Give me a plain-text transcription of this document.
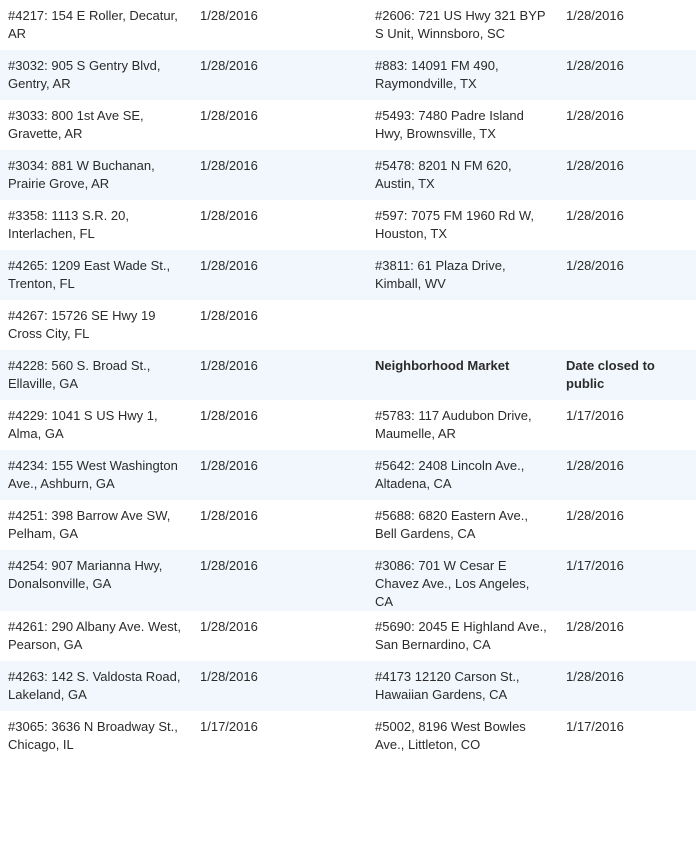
#4217: 154 E Roller, Decatur, AR	1/28/2016	#2606: 721 US Hwy 321 BYP S Unit, Winnsboro, SC	1/28/2016
#3032: 905 S Gentry Blvd, Gentry, AR	1/28/2016	#883: 14091 FM 490, Raymondville, TX	1/28/2016
#3033: 800 1st Ave SE, Gravette, AR	1/28/2016	#5493: 7480 Padre Island Hwy, Brownsville, TX	1/28/2016
#3034: 881 W Buchanan, Prairie Grove, AR	1/28/2016	#5478: 8201 N FM 620, Austin, TX	1/28/2016
#3358: 1113 S.R. 20, Interlachen, FL	1/28/2016	#597: 7075 FM 1960 Rd W, Houston, TX	1/28/2016
#4265: 1209 East Wade St., Trenton, FL	1/28/2016	#3811: 61 Plaza Drive, Kimball, WV	1/28/2016
#4267: 15726 SE Hwy 19 Cross City, FL	1/28/2016		
#4228: 560 S. Broad St., Ellaville, GA	1/28/2016	Neighborhood Market	Date closed to public
#4229: 1041 S US Hwy 1, Alma, GA	1/28/2016	#5783: 117 Audubon Drive, Maumelle, AR	1/17/2016
#4234: 155 West Washington Ave., Ashburn, GA	1/28/2016	#5642: 2408 Lincoln Ave., Altadena, CA	1/28/2016
#4251: 398 Barrow Ave SW, Pelham, GA	1/28/2016	#5688: 6820 Eastern Ave., Bell Gardens, CA	1/28/2016
#4254: 907 Marianna Hwy, Donalsonville, GA	1/28/2016	#3086: 701 W Cesar E Chavez Ave., Los Angeles, CA	1/17/2016
#4261: 290 Albany Ave. West, Pearson, GA	1/28/2016	#5690: 2045 E Highland Ave., San Bernardino, CA	1/28/2016
#4263: 142 S. Valdosta Road, Lakeland, GA	1/28/2016	#4173 12120 Carson St., Hawaiian Gardens, CA	1/28/2016
#3065: 3636 N Broadway St., Chicago, IL	1/17/2016	#5002, 8196 West Bowles Ave., Littleton, CO	1/17/2016
